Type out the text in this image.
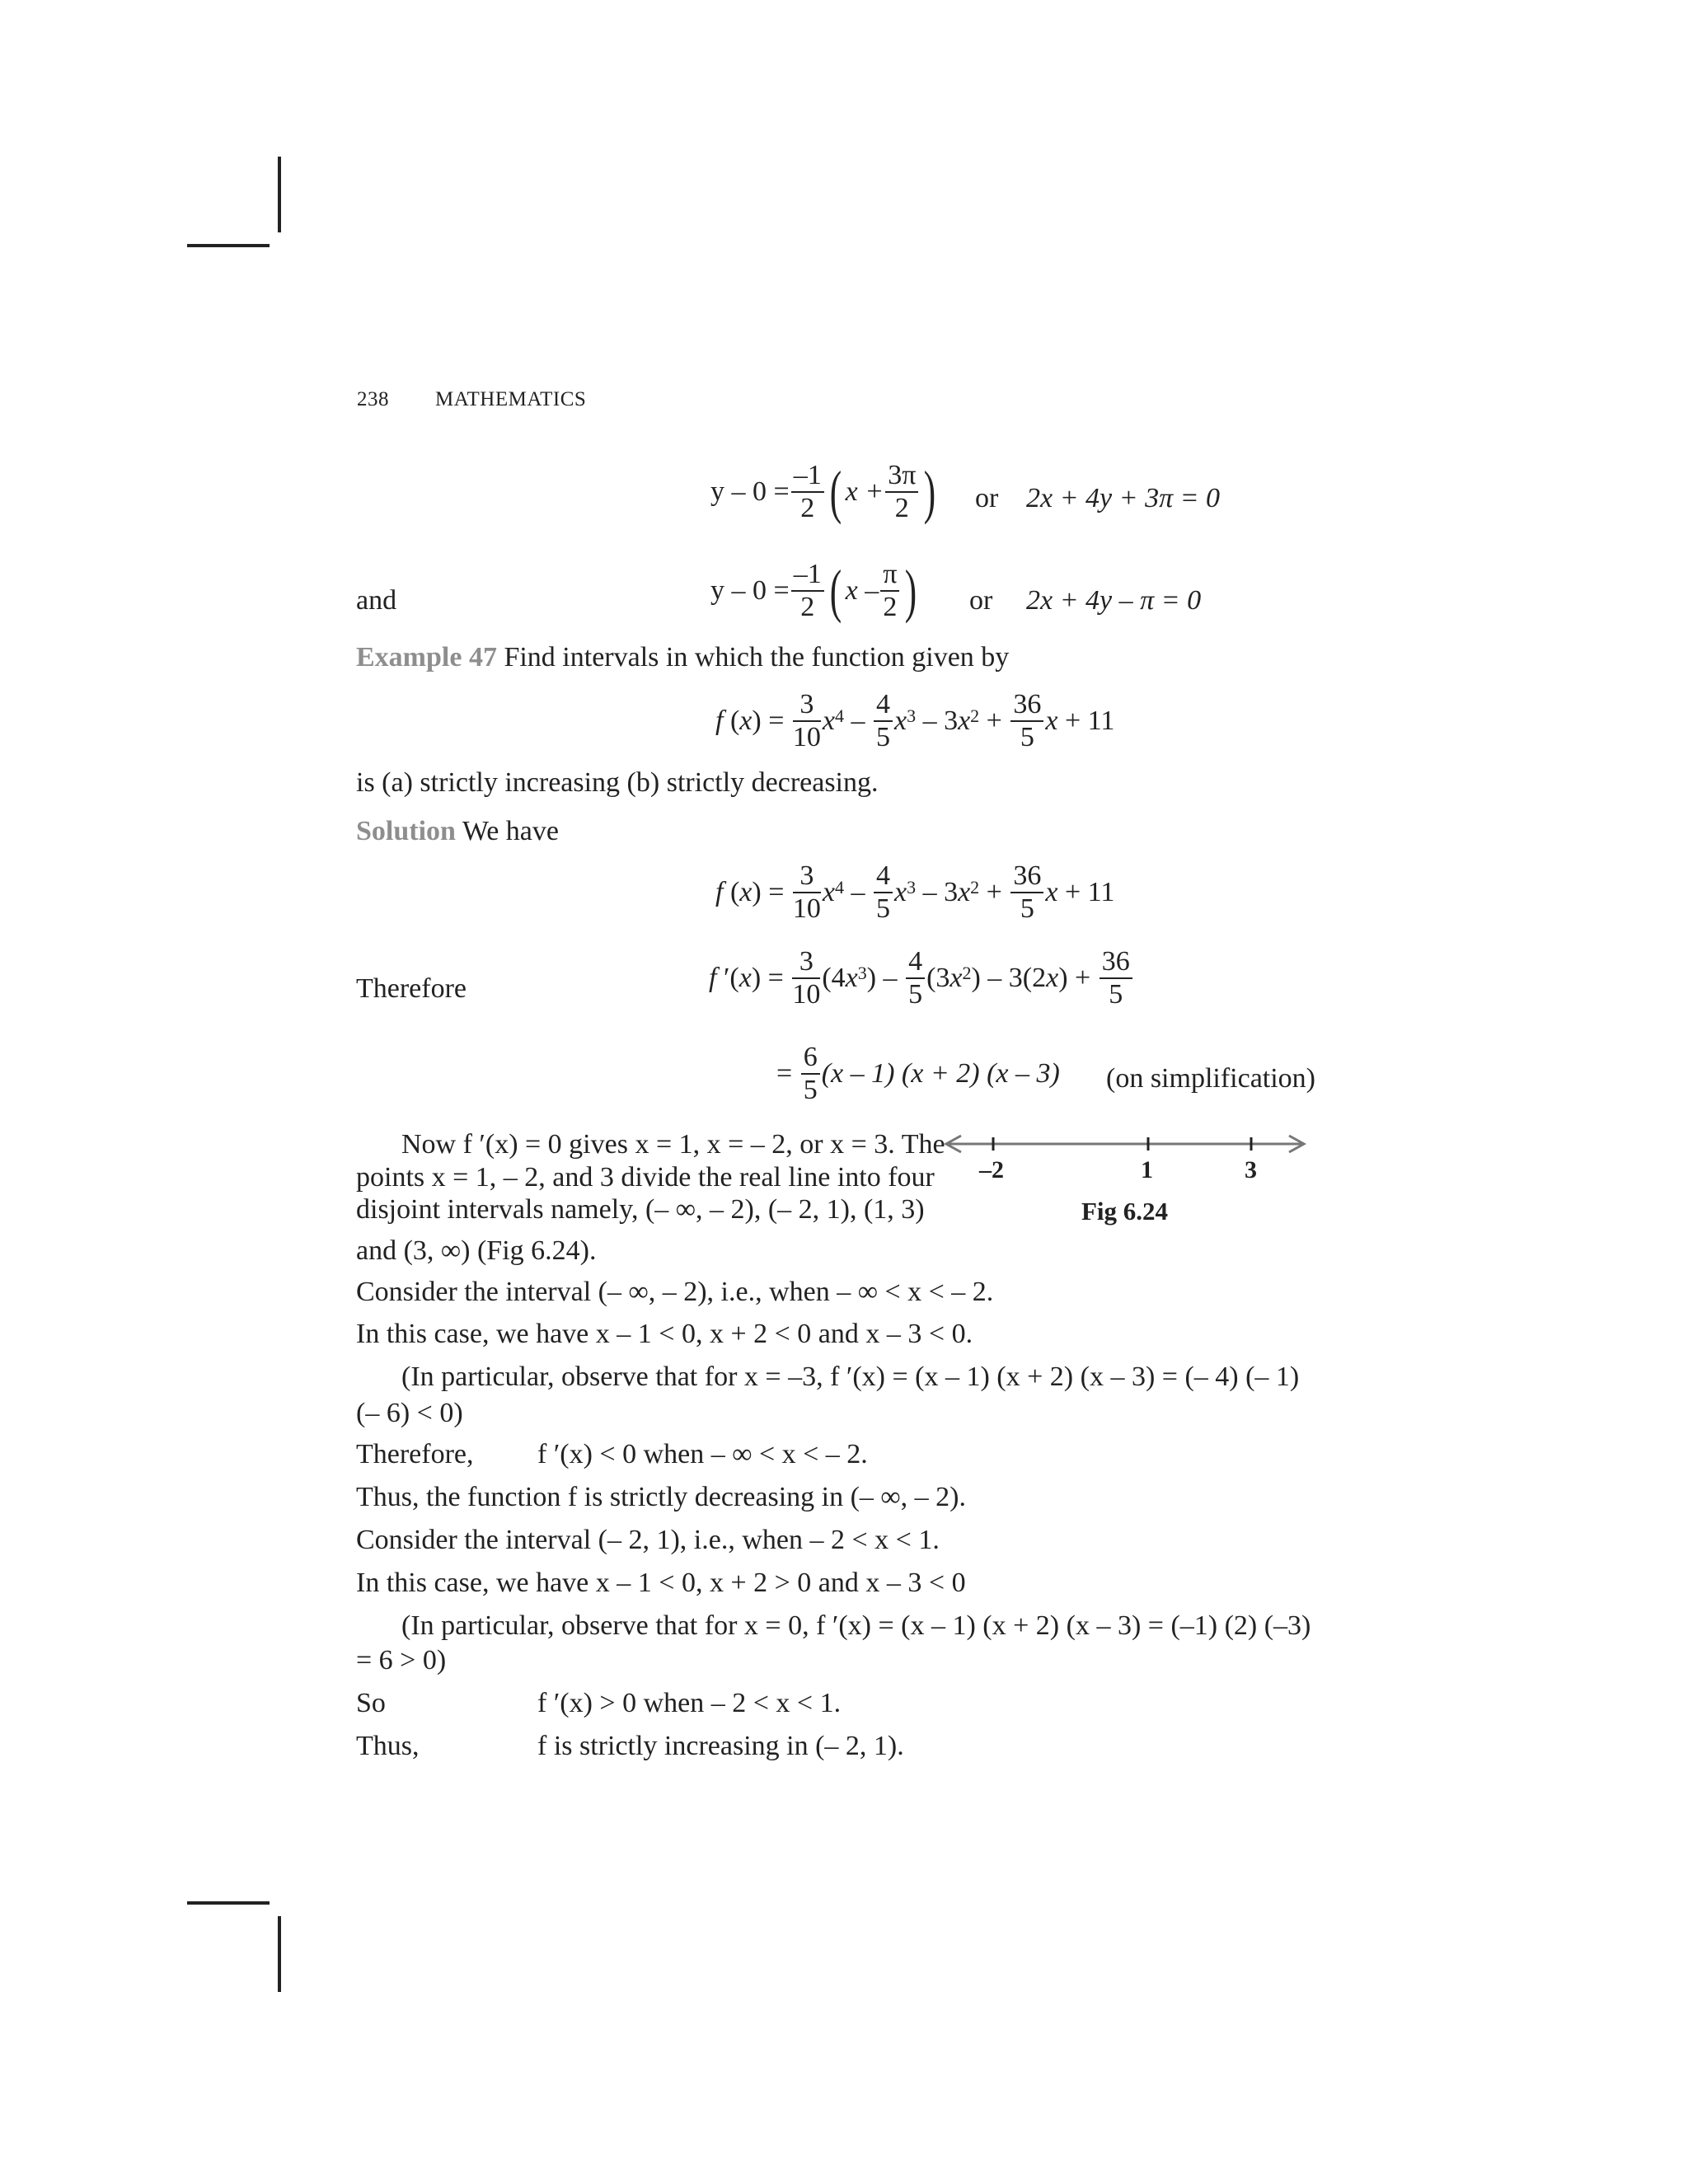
238 MATHEMATICS
$y - 0 = \frac{-1}{2}$ ( $x + \frac{3\pi}{2}$ ) or 2x + 4y + 3π = 0
and	$y - 0 = \frac{-1}{2}$ ( x – $\frac{\pi}{2}$ ) or 2x + 4y – π = 0
Example 47 Find intervals in which the function given by
f $(x) = \frac{3}{10} x^4 - \frac{4}{5} x^3 - 3$ $x^2 + \frac{36}{5}$ x + 11
is (a) strictly increasing (b) strictly decreasing.
Solution We have
f $(x) = \frac{3}{10} x^4 - \frac{4}{5} x^3 - 3$ $x^2 + \frac{36}{5}$ x + 11
Therefore	f $'(x) = \frac{3}{10} (4$ $x^3$ ) – $\frac{4}{5} (3$ $x^2$ ) – 3(2 x ) + $\frac{36}{5}$
=
$\frac{6}{5} (x - 1) (x + 2)$ (x – 3) (on simplification)
Now f ′(x) = 0 gives x = 1, x = – 2, or x = 3. The
points x = 1, – 2, and 3 divide the real line into four
disjoint intervals namely, (– ∞, – 2), (– 2, 1), (1, 3)
and (3, ∞) (Fig 6.24).
–2	1	3
Fig 6.24
Consider the interval (– ∞, – 2), i.e., when – ∞ < x < – 2.
In this case, we have x – 1 < 0, x + 2 < 0 and x – 3 < 0.
(In particular, observe that for x = –3, f ′(x) = (x – 1) (x + 2) (x – 3) = (– 4) (– 1)
(– 6) < 0)
Therefore, f ′(x) < 0 when – ∞ < x < – 2.
Thus, the function f is strictly decreasing in (– ∞, – 2).
Consider the interval (– 2, 1), i.e., when – 2 < x < 1.
In this case, we have x – 1 < 0, x + 2 > 0 and x – 3 < 0
(In particular, observe that for x = 0, f ′(x) = (x – 1) (x + 2) (x – 3) = (–1) (2) (–3)
= 6 > 0)
So	f ′(x) > 0 when – 2 < x < 1.
Thus,	f is strictly increasing in (– 2, 1).
